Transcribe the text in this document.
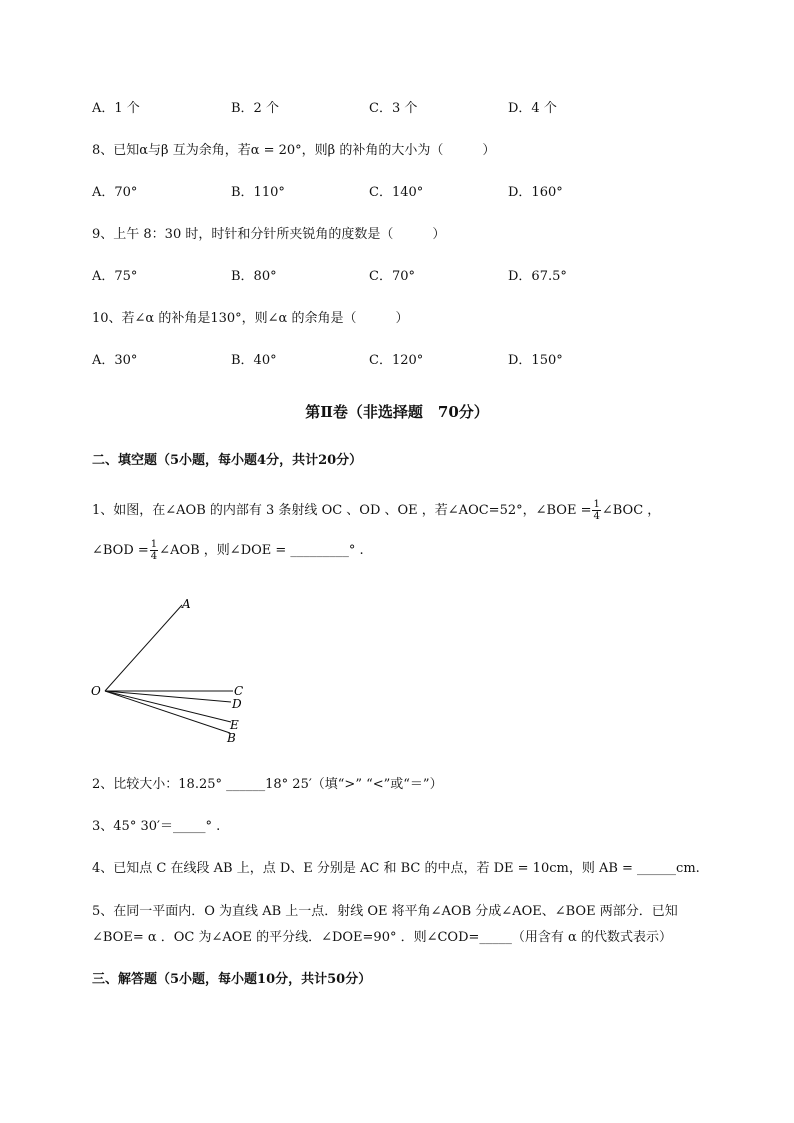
A．1 个	B．2 个	C．3 个	D．4 个
8、已知α与β 互为余角，若α = 20°，则β 的补角的大小为（　　　）
A．70°	B．110°	C．140°	D．160°
9、上午 8：30 时，时针和分针所夹锐角的度数是（　　　）
A．75°	B．80°	C．70°	D．67.5°
10、若∠α 的补角是130°，则∠α 的余角是（　　　）
A．30°	B．40°	C．120°	D．150°
第Ⅱ卷（非选择题　70分）
二、填空题（5小题，每小题4分，共计20分）
1、如图，在∠AOB 的内部有 3 条射线 OC 、OD 、OE ，若∠AOC=52°，∠BOE = $\frac{1}{4}$ ∠BOC ，
∠BOD = $\frac{1}{4}$ ∠AOB ，则∠DOE = _________° .
A
O	C
D
E
B
2、比较大小：18.25° ______18° 25′（填“>” “<”或“＝”）
3、45° 30′＝_____° .
4、已知点 C 在线段 AB 上，点 D、E 分别是 AC 和 BC 的中点，若 DE = 10cm，则 AB = ______cm.
5、在同一平面内．O 为直线 AB 上一点．射线 OE 将平角∠AOB 分成∠AOE、∠BOE 两部分．已知
∠BOE= α ．OC 为∠AOE 的平分线．∠DOE=90° ．则∠COD=_____（用含有 α 的代数式表示）
三、解答题（5小题，每小题10分，共计50分）
